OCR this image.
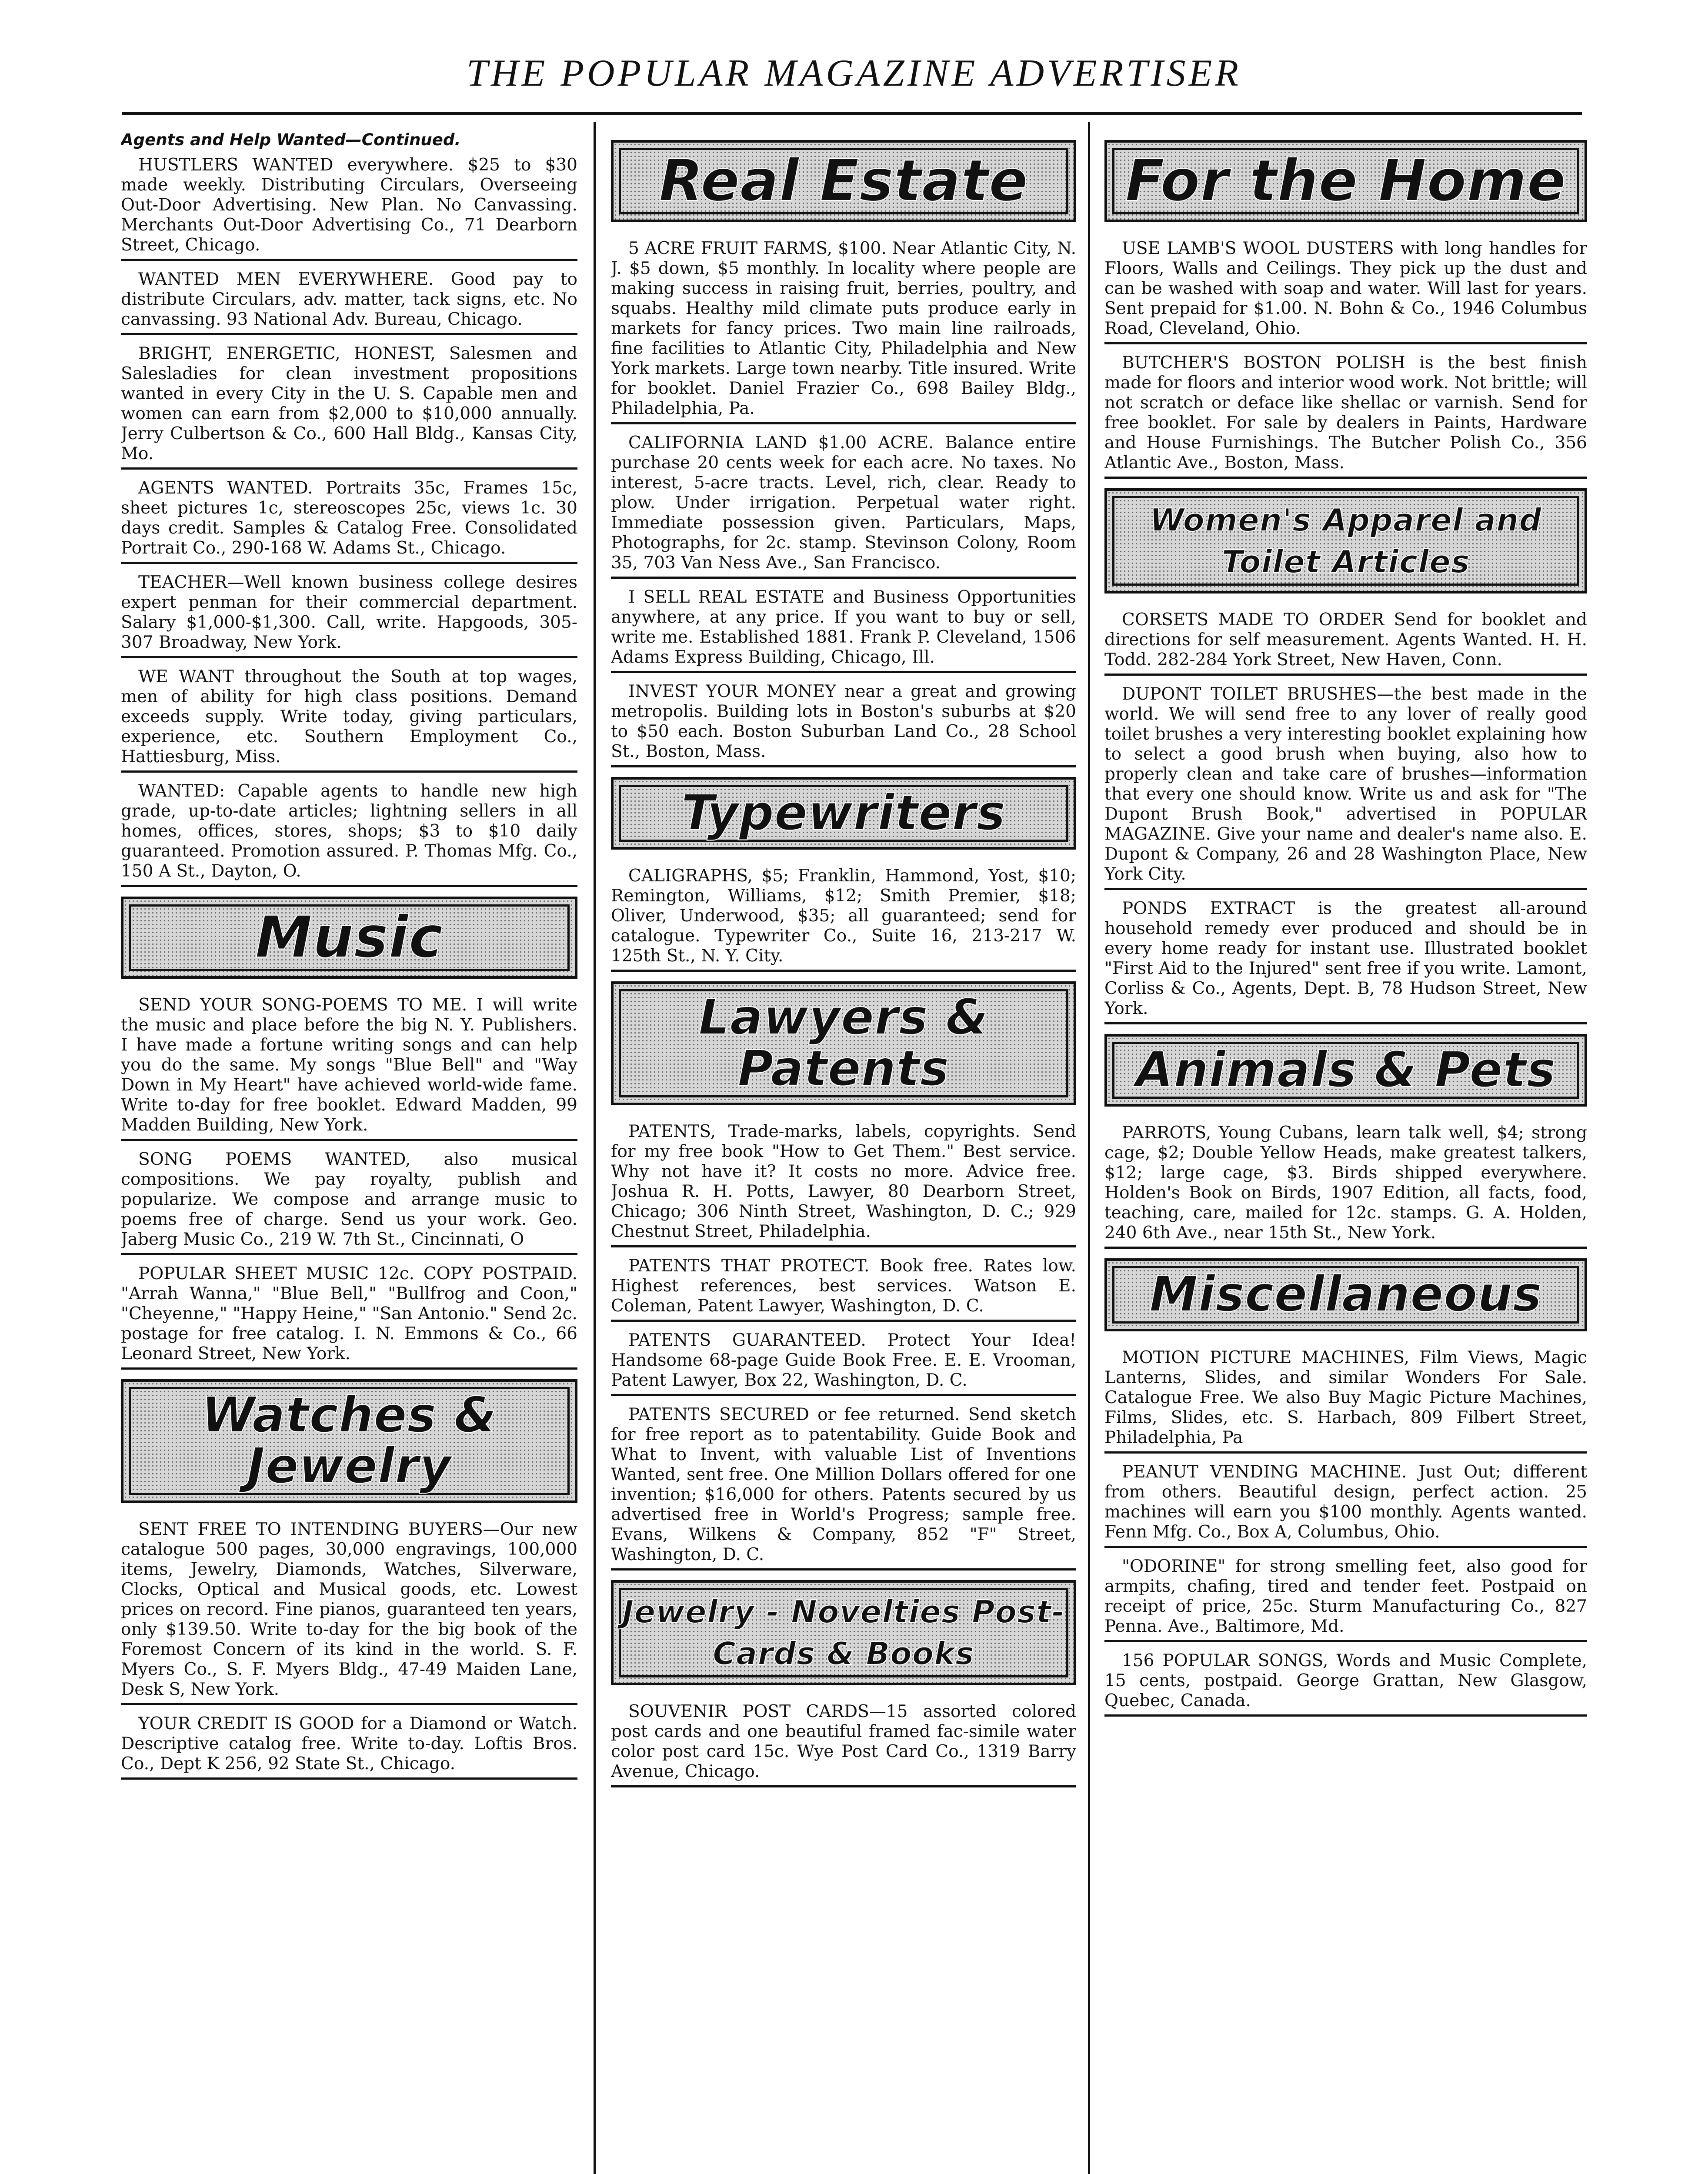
THE POPULAR MAGAZINE ADVERTISER
Agents and Help Wanted—Continued.
HUSTLERS WANTED everywhere. $25 to $30 made weekly. Distributing Circulars, Overseeing Out-Door Advertising. New Plan. No Canvassing. Merchants Out-Door Advertising Co., 71 Dearborn Street, Chicago.
WANTED MEN EVERYWHERE. Good pay to distribute Circulars, adv. matter, tack signs, etc. No canvassing. 93 National Adv. Bureau, Chicago.
BRIGHT, ENERGETIC, HONEST, Salesmen and Salesladies for clean investment propositions wanted in every City in the U. S. Capable men and women can earn from $2,000 to $10,000 annually. Jerry Culbertson & Co., 600 Hall Bldg., Kansas City, Mo.
AGENTS WANTED. Portraits 35c, Frames 15c, sheet pictures 1c, stereoscopes 25c, views 1c. 30 days credit. Samples & Catalog Free. Consolidated Portrait Co., 290-168 W. Adams St., Chicago.
TEACHER—Well known business college desires expert penman for their commercial department. Salary $1,000-$1,300. Call, write. Hapgoods, 305-307 Broadway, New York.
WE WANT throughout the South at top wages, men of ability for high class positions. Demand exceeds supply. Write today, giving particulars, experience, etc. Southern Employment Co., Hattiesburg, Miss.
WANTED: Capable agents to handle new high grade, up-to-date articles; lightning sellers in all homes, offices, stores, shops; $3 to $10 daily guaranteed. Promotion assured. P. Thomas Mfg. Co., 150 A St., Dayton, O.
Music
SEND YOUR SONG-POEMS TO ME. I will write the music and place before the big N. Y. Publishers. I have made a fortune writing songs and can help you do the same. My songs "Blue Bell" and "Way Down in My Heart" have achieved world-wide fame. Write to-day for free booklet. Edward Madden, 99 Madden Building, New York.
SONG POEMS WANTED, also musical compositions. We pay royalty, publish and popularize. We compose and arrange music to poems free of charge. Send us your work. Geo. Jaberg Music Co., 219 W. 7th St., Cincinnati, O
POPULAR SHEET MUSIC 12c. COPY POSTPAID. "Arrah Wanna," "Blue Bell," "Bullfrog and Coon," "Cheyenne," "Happy Heine," "San Antonio." Send 2c. postage for free catalog. I. N. Emmons & Co., 66 Leonard Street, New York.
Watches & Jewelry
SENT FREE TO INTENDING BUYERS—Our new catalogue 500 pages, 30,000 engravings, 100,000 items, Jewelry, Diamonds, Watches, Silverware, Clocks, Optical and Musical goods, etc. Lowest prices on record. Fine pianos, guaranteed ten years, only $139.50. Write to-day for the big book of the Foremost Concern of its kind in the world. S. F. Myers Co., S. F. Myers Bldg., 47-49 Maiden Lane, Desk S, New York.
YOUR CREDIT IS GOOD for a Diamond or Watch. Descriptive catalog free. Write to-day. Loftis Bros. Co., Dept K 256, 92 State St., Chicago.
Real Estate
5 ACRE FRUIT FARMS, $100. Near Atlantic City, N. J. $5 down, $5 monthly. In locality where people are making success in raising fruit, berries, poultry, and squabs. Healthy mild climate puts produce early in markets for fancy prices. Two main line railroads, fine facilities to Atlantic City, Philadelphia and New York markets. Large town nearby. Title insured. Write for booklet. Daniel Frazier Co., 698 Bailey Bldg., Philadelphia, Pa.
CALIFORNIA LAND $1.00 ACRE. Balance entire purchase 20 cents week for each acre. No taxes. No interest, 5-acre tracts. Level, rich, clear. Ready to plow. Under irrigation. Perpetual water right. Immediate possession given. Particulars, Maps, Photographs, for 2c. stamp. Stevinson Colony, Room 35, 703 Van Ness Ave., San Francisco.
I SELL REAL ESTATE and Business Opportunities anywhere, at any price. If you want to buy or sell, write me. Established 1881. Frank P. Cleveland, 1506 Adams Express Building, Chicago, Ill.
INVEST YOUR MONEY near a great and growing metropolis. Building lots in Boston's suburbs at $20 to $50 each. Boston Suburban Land Co., 28 School St., Boston, Mass.
Typewriters
CALIGRAPHS, $5; Franklin, Hammond, Yost, $10; Remington, Williams, $12; Smith Premier, $18; Oliver, Underwood, $35; all guaranteed; send for catalogue. Typewriter Co., Suite 16, 213-217 W. 125th St., N. Y. City.
Lawyers & Patents
PATENTS, Trade-marks, labels, copyrights. Send for my free book "How to Get Them." Best service. Why not have it? It costs no more. Advice free. Joshua R. H. Potts, Lawyer, 80 Dearborn Street, Chicago; 306 Ninth Street, Washington, D. C.; 929 Chestnut Street, Philadelphia.
PATENTS THAT PROTECT. Book free. Rates low. Highest references, best services. Watson E. Coleman, Patent Lawyer, Washington, D. C.
PATENTS GUARANTEED. Protect Your Idea! Handsome 68-page Guide Book Free. E. E. Vrooman, Patent Lawyer, Box 22, Washington, D. C.
PATENTS SECURED or fee returned. Send sketch for free report as to patentability. Guide Book and What to Invent, with valuable List of Inventions Wanted, sent free. One Million Dollars offered for one invention; $16,000 for others. Patents secured by us advertised free in World's Progress; sample free. Evans, Wilkens & Company, 852 "F" Street, Washington, D. C.
Jewelry - Novelties Post-Cards & Books
SOUVENIR POST CARDS—15 assorted colored post cards and one beautiful framed fac-simile water color post card 15c. Wye Post Card Co., 1319 Barry Avenue, Chicago.
For the Home
USE LAMB'S WOOL DUSTERS with long handles for Floors, Walls and Ceilings. They pick up the dust and can be washed with soap and water. Will last for years. Sent prepaid for $1.00. N. Bohn & Co., 1946 Columbus Road, Cleveland, Ohio.
BUTCHER'S BOSTON POLISH is the best finish made for floors and interior wood work. Not brittle; will not scratch or deface like shellac or varnish. Send for free booklet. For sale by dealers in Paints, Hardware and House Furnishings. The Butcher Polish Co., 356 Atlantic Ave., Boston, Mass.
Women's Apparel and Toilet Articles
CORSETS MADE TO ORDER Send for booklet and directions for self measurement. Agents Wanted. H. H. Todd. 282-284 York Street, New Haven, Conn.
DUPONT TOILET BRUSHES—the best made in the world. We will send free to any lover of really good toilet brushes a very interesting booklet explaining how to select a good brush when buying, also how to properly clean and take care of brushes—information that every one should know. Write us and ask for "The Dupont Brush Book," advertised in POPULAR MAGAZINE. Give your name and dealer's name also. E. Dupont & Company, 26 and 28 Washington Place, New York City.
PONDS EXTRACT is the greatest all-around household remedy ever produced and should be in every home ready for instant use. Illustrated booklet "First Aid to the Injured" sent free if you write. Lamont, Corliss & Co., Agents, Dept. B, 78 Hudson Street, New York.
Animals & Pets
PARROTS, Young Cubans, learn talk well, $4; strong cage, $2; Double Yellow Heads, make greatest talkers, $12; large cage, $3. Birds shipped everywhere. Holden's Book on Birds, 1907 Edition, all facts, food, teaching, care, mailed for 12c. stamps. G. A. Holden, 240 6th Ave., near 15th St., New York.
Miscellaneous
MOTION PICTURE MACHINES, Film Views, Magic Lanterns, Slides, and similar Wonders For Sale. Catalogue Free. We also Buy Magic Picture Machines, Films, Slides, etc. S. Harbach, 809 Filbert Street, Philadelphia, Pa
PEANUT VENDING MACHINE. Just Out; different from others. Beautiful design, perfect action. 25 machines will earn you $100 monthly. Agents wanted. Fenn Mfg. Co., Box A, Columbus, Ohio.
"ODORINE" for strong smelling feet, also good for armpits, chafing, tired and tender feet. Postpaid on receipt of price, 25c. Sturm Manufacturing Co., 827 Penna. Ave., Baltimore, Md.
156 POPULAR SONGS, Words and Music Complete, 15 cents, postpaid. George Grattan, New Glasgow, Quebec, Canada.
